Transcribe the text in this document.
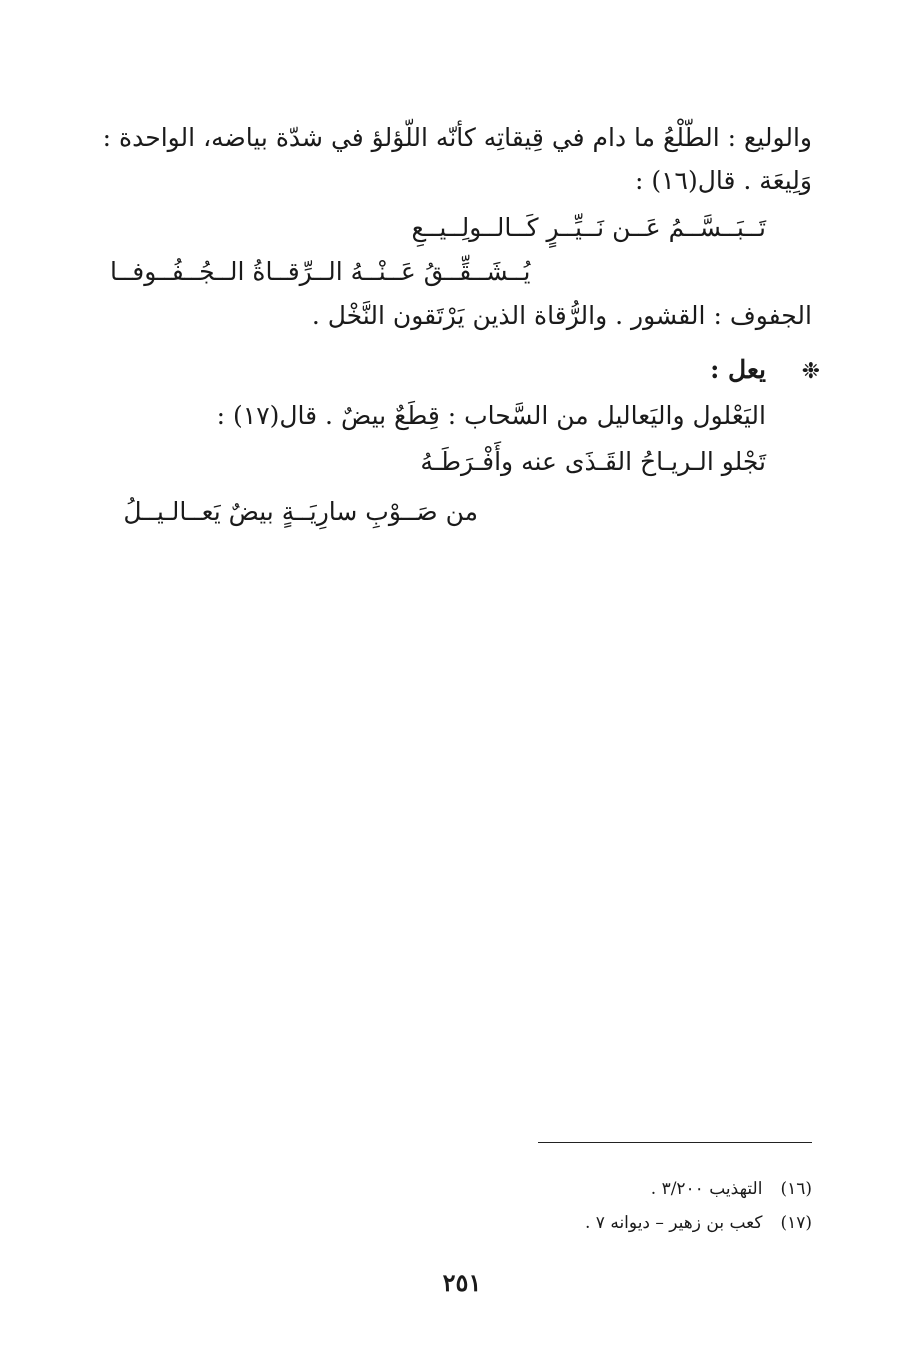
والوليع : الطّلْعُ ما دام في قِيقاتِه كأنّه اللّؤلؤ في شدّة بياضه، الواحدة :
وَلِيعَة . قال(١٦) :
تَــبَــسَّــمُ عَــن نَــيِّــرٍ كَــالــولِــيــعِ
يُــشَــقِّــقُ عَــنْــهُ الــرِّقــاةُ الــجُــفُــوفــا
الجفوف : القشور . والرُّقاة الذين يَرْتَقون النَّخْل .
❉
يعل :
اليَعْلول واليَعاليل من السَّحاب : قِطَعٌ بيضٌ . قال(١٧) :
تَجْلو الـريـاحُ القَـذَى عنه وأَفْـرَطَـهُ
من صَــوْبِ سارِيَــةٍ بيضٌ يَعــالـيــلُ
(١٦)التهذيب ٣/٢٠٠ .
(١٧)كعب بن زهير – ديوانه ٧ .
٢٥١
